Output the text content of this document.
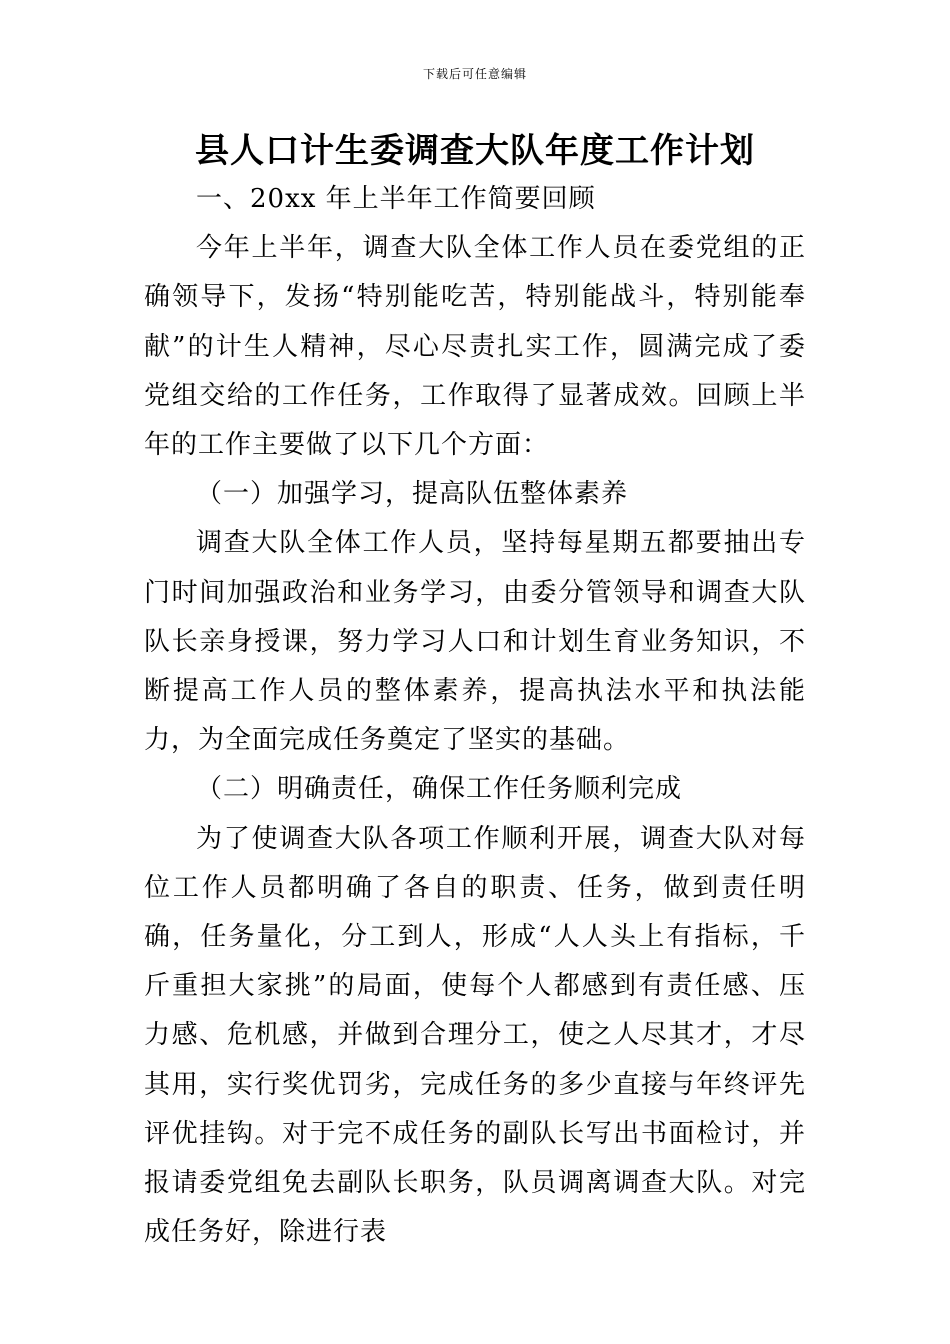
下载后可任意编辑
县人口计生委调查大队年度工作计划

一、20xx 年上半年工作简要回顾

今年上半年，调查大队全体工作人员在委党组的正确领导下，发扬“特别能吃苦，特别能战斗，特别能奉献”的计生人精神，尽心尽责扎实工作，圆满完成了委党组交给的工作任务，工作取得了显著成效。回顾上半年的工作主要做了以下几个方面：

（一）加强学习，提高队伍整体素养

调查大队全体工作人员，坚持每星期五都要抽出专门时间加强政治和业务学习，由委分管领导和调查大队队长亲身授课，努力学习人口和计划生育业务知识，不断提高工作人员的整体素养，提高执法水平和执法能力，为全面完成任务奠定了坚实的基础。

（二）明确责任，确保工作任务顺利完成

为了使调查大队各项工作顺利开展，调查大队对每位工作人员都明确了各自的职责、任务，做到责任明确，任务量化，分工到人，形成“人人头上有指标，千斤重担大家挑”的局面，使每个人都感到有责任感、压力感、危机感，并做到合理分工，使之人尽其才，才尽其用，实行奖优罚劣，完成任务的多少直接与年终评先评优挂钩。对于完不成任务的副队长写出书面检讨，并报请委党组免去副队长职务，队员调离调查大队。对完成任务好，除进行表
